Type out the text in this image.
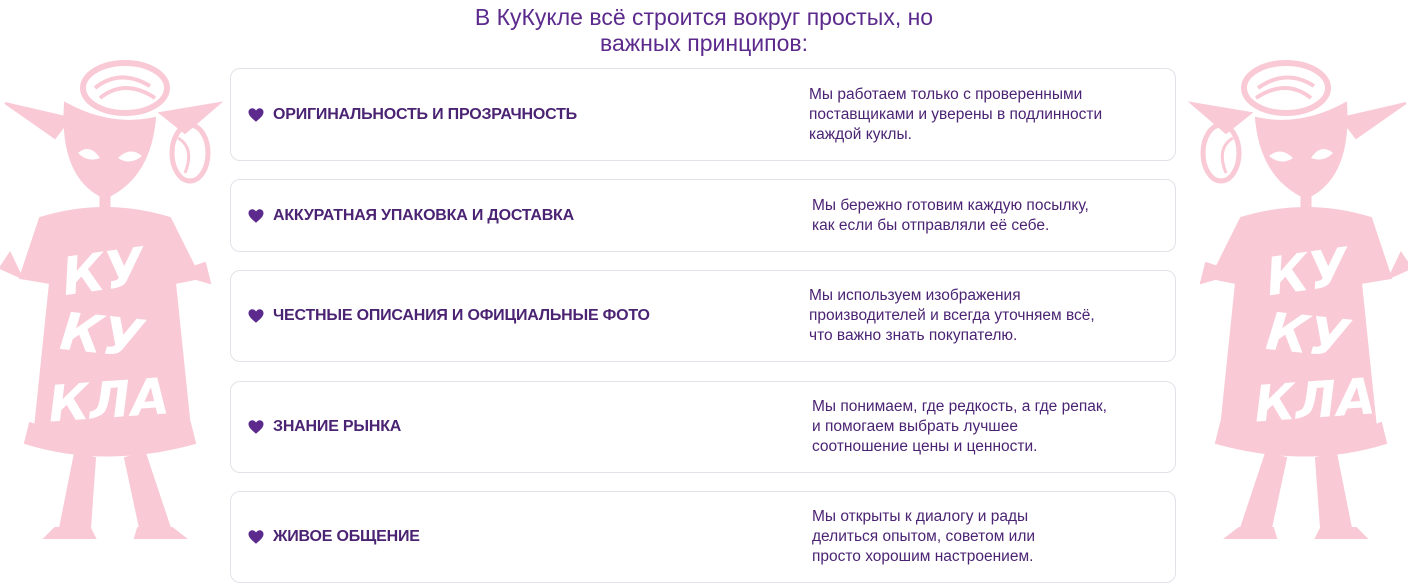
В КуКукле всё строится вокруг простых, но
важных принципов:
КУ
КУ
КЛА
КУ
КУ
КЛА
ОРИГИНАЛЬНОСТЬ И ПРОЗРАЧНОСТЬ
Мы работаем только с проверенными
поставщиками и уверены в подлинности
каждой куклы.
АККУРАТНАЯ УПАКОВКА И ДОСТАВКА
Мы бережно готовим каждую посылку,
как если бы отправляли её себе.
ЧЕСТНЫЕ ОПИСАНИЯ И ОФИЦИАЛЬНЫЕ ФОТО
Мы используем изображения
производителей и всегда уточняем всё,
что важно знать покупателю.
ЗНАНИЕ РЫНКА
Мы понимаем, где редкость, а где репак,
и помогаем выбрать лучшее
соотношение цены и ценности.
ЖИВОЕ ОБЩЕНИЕ
Мы открыты к диалогу и рады
делиться опытом, советом или
просто хорошим настроением.
